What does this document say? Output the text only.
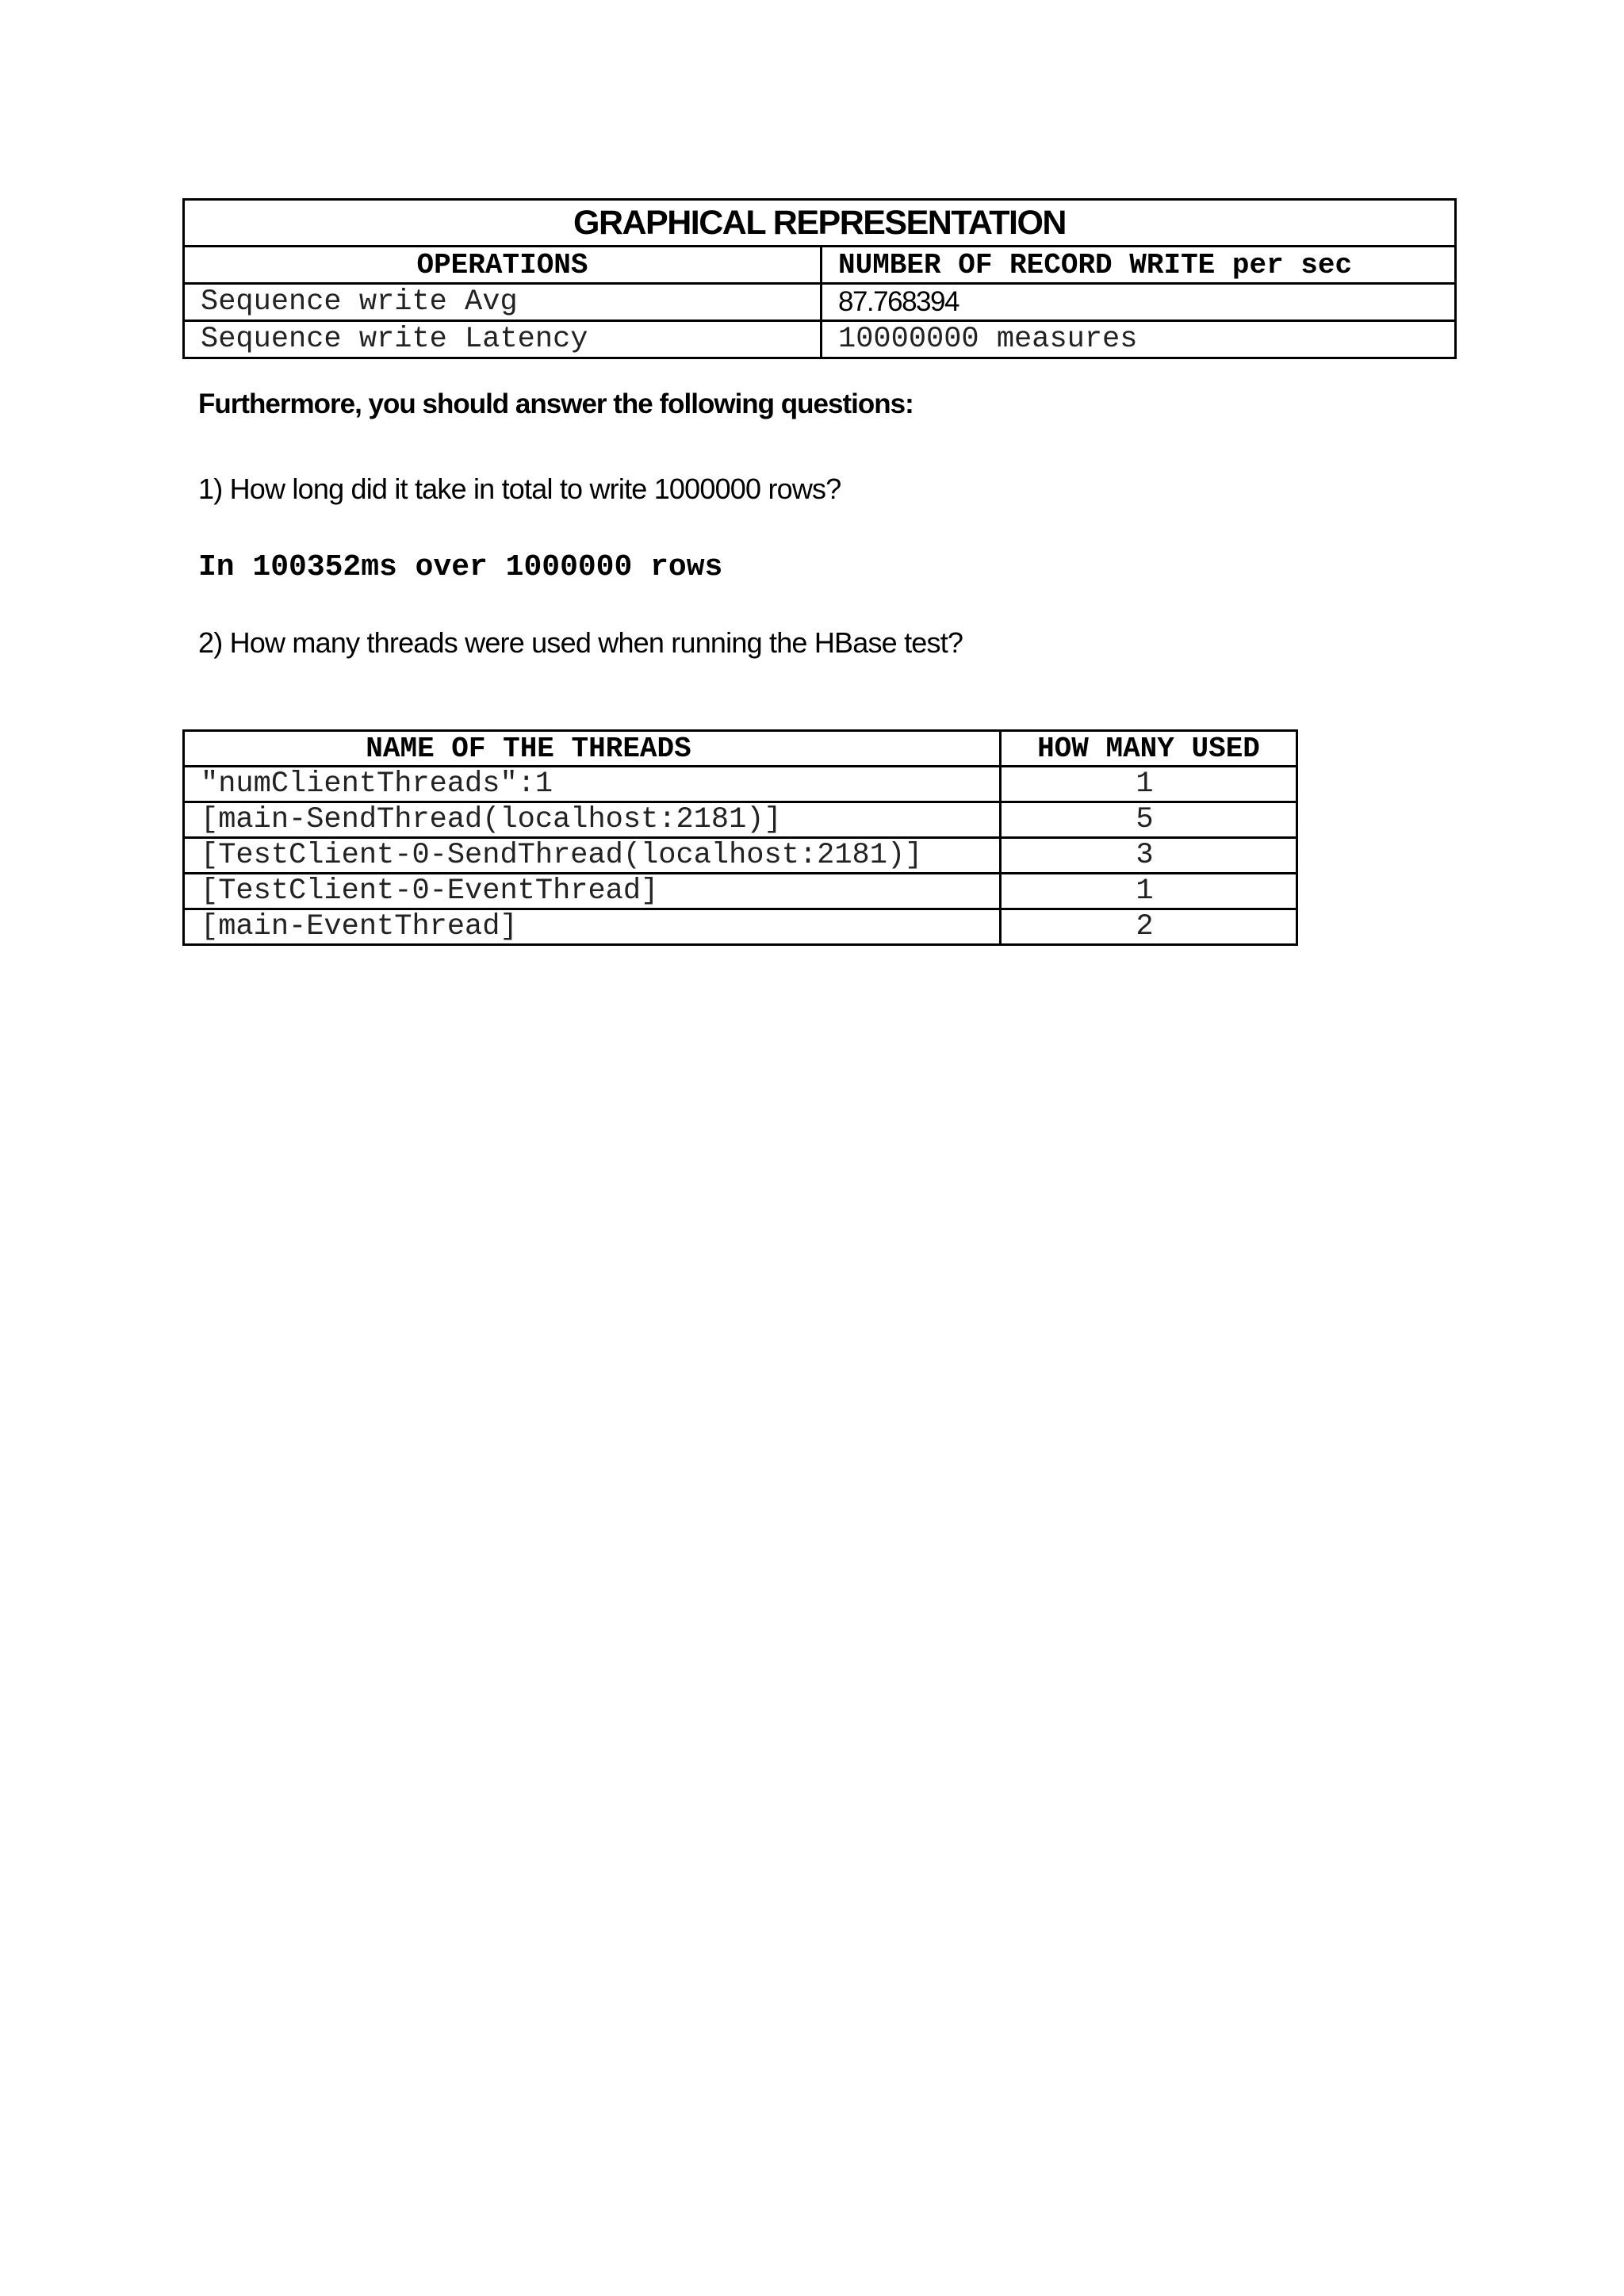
GRAPHICAL REPRESENTATION	
OPERATIONS	NUMBER OF RECORD WRITE per sec
Sequence write Avg	87.768394
Sequence write Latency	10000000 measures
Furthermore, you should answer the following questions:
1) How long did it take in total to write 1000000 rows?
In 100352ms over 1000000 rows
2) How many threads were used when running the HBase test?
NAME OF THE THREADS	HOW MANY USED
"numClientThreads":1	1
[main-SendThread(localhost:2181)]	5
[TestClient-0-SendThread(localhost:2181)]	3
[TestClient-0-EventThread]	1
[main-EventThread]	2
